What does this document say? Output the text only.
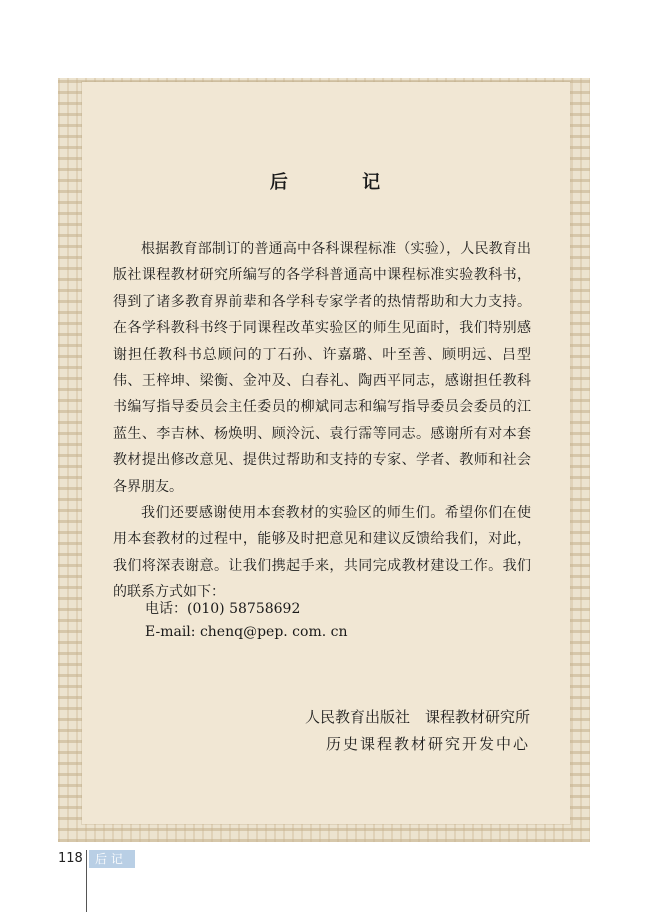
后 记

根据教育部制订的普通高中各科课程标准（实验），人民教育出版社课程教材研究所编写的各学科普通高中课程标准实验教科书，得到了诸多教育界前辈和各学科专家学者的热情帮助和大力支持。在各学科教科书终于同课程改革实验区的师生见面时，我们特别感谢担任教科书总顾问的丁石孙、许嘉璐、叶至善、顾明远、吕型伟、王梓坤、梁衡、金冲及、白春礼、陶西平同志，感谢担任教科书编写指导委员会主任委员的柳斌同志和编写指导委员会委员的江蓝生、李吉林、杨焕明、顾泠沅、袁行霈等同志。感谢所有对本套教材提出修改意见、提供过帮助和支持的专家、学者、教师和社会各界朋友。

我们还要感谢使用本套教材的实验区的师生们。希望你们在使用本套教材的过程中，能够及时把意见和建议反馈给我们，对此，我们将深表谢意。让我们携起手来，共同完成教材建设工作。我们的联系方式如下：

电话：(010) 58758692
E-mail: chenq@pep. com. cn
人民教育出版社　课程教材研究所
历史课程教材研究开发中心
118	后 记
